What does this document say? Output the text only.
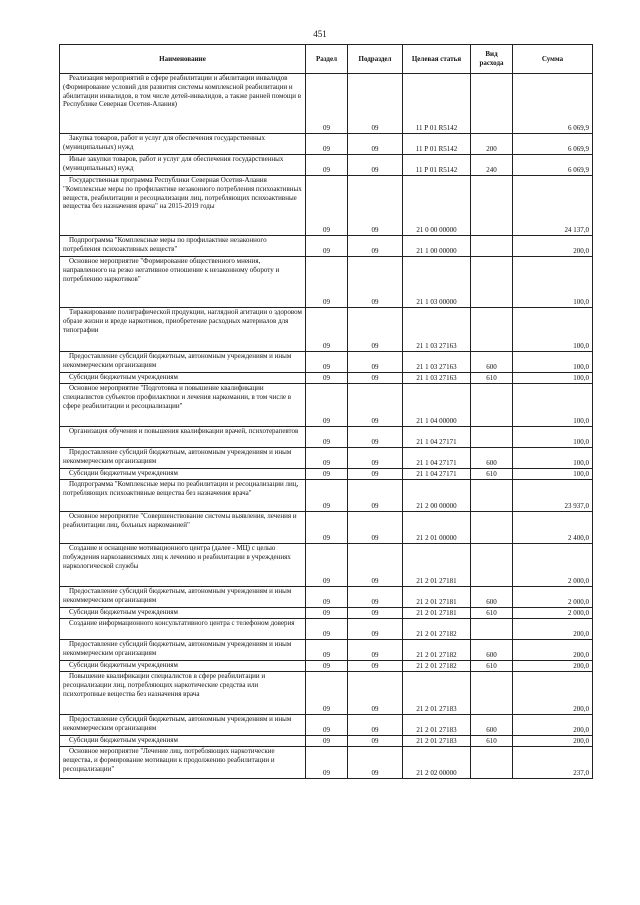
451
Наименование	Раздел	Подраздел	Целевая статья	Вид расхода	Сумма

Реализация мероприятий в сфере реабилитации и абилитации инвалидов (Формирование условий для развития системы комплексной реабилитации и абилитации инвалидов, в том числе детей-инвалидов, а также ранней помощи в Республике Северная Осетия-Алания)	09	09	11 Р 01 R5142		6 069,9

Закупка товаров, работ и услуг для обеспечения государственных (муниципальных) нужд	09	09	11 Р 01 R5142	200	6 069,9

Иные закупки товаров, работ и услуг для обеспечения государственных (муниципальных) нужд	09	09	11 Р 01 R5142	240	6 069,9

Государственная программа Республики Северная Осетия-Алания "Комплексные меры по профилактике незаконного потребления психоактивных веществ, реабилитации и ресоциализации лиц, потребляющих психоактивные вещества без назначения врача" на 2015-2019 годы	09	09	21 0 00 00000		24 137,0

Подпрограмма "Комплексные меры по профилактике незаконного потребления психоактивных веществ"	09	09	21 1 00 00000		200,0

Основное мероприятие "Формирование общественного мнения, направленного на резко негативное отношение к незаконному обороту и потреблению наркотиков"	09	09	21 1 03 00000		100,0

Тиражирование полиграфической продукции, наглядной агитации о здоровом образе жизни и вреде наркотиков, приобретение расходных материалов для типографии	09	09	21 1 03 27163		100,0

Предоставление субсидий бюджетным, автономным учреждениям и иным некоммерческим организациям	09	09	21 1 03 27163	600	100,0

Субсидии бюджетным учреждениям	09	09	21 1 03 27163	610	100,0

Основное мероприятие "Подготовка и повышение квалификации специалистов субъектов профилактики и лечения наркомании, в том числе в сфере реабилитации и ресоциализации"	09	09	21 1 04 00000		100,0

Организация обучения и повышения квалификации врачей, психотерапевтов	09	09	21 1 04 27171		100,0

Предоставление субсидий бюджетным, автономным учреждениям и иным некоммерческим организациям	09	09	21 1 04 27171	600	100,0

Субсидии бюджетным учреждениям	09	09	21 1 04 27171	610	100,0

Подпрограмма "Комплексные меры по реабилитации и ресоциализации лиц, потребляющих психоактивные вещества без назначения врача"	09	09	21 2 00 00000		23 937,0

Основное мероприятие "Совершенствование системы выявления, лечения и реабилитации лиц, больных наркоманией"	09	09	21 2 01 00000		2 400,0

Создание и оснащение мотивационного центра (далее - МЦ) с целью побуждения наркозависимых лиц к лечению и реабилитации в учреждениях наркологической службы	09	09	21 2 01 27181		2 000,0

Предоставление субсидий бюджетным, автономным учреждениям и иным некоммерческим организациям	09	09	21 2 01 27181	600	2 000,0

Субсидии бюджетным учреждениям	09	09	21 2 01 27181	610	2 000,0

Создание информационного консультативного центра с телефоном доверия	09	09	21 2 01 27182		200,0

Предоставление субсидий бюджетным, автономным учреждениям и иным некоммерческим организациям	09	09	21 2 01 27182	600	200,0

Субсидии бюджетным учреждениям	09	09	21 2 01 27182	610	200,0

Повышение квалификации специалистов в сфере реабилитации и ресоциализации лиц, потребляющих наркотические средства или психотропные вещества без назначения врача	09	09	21 2 01 27183		200,0

Предоставление субсидий бюджетным, автономным учреждениям и иным некоммерческим организациям	09	09	21 2 01 27183	600	200,0

Субсидии бюджетным учреждениям	09	09	21 2 01 27183	610	200,0

Основное мероприятие "Лечение лиц, потребляющих наркотические вещества, и формирование мотивации к продолжению реабилитации и ресоциализации"	09	09	21 2 02 00000		237,0
